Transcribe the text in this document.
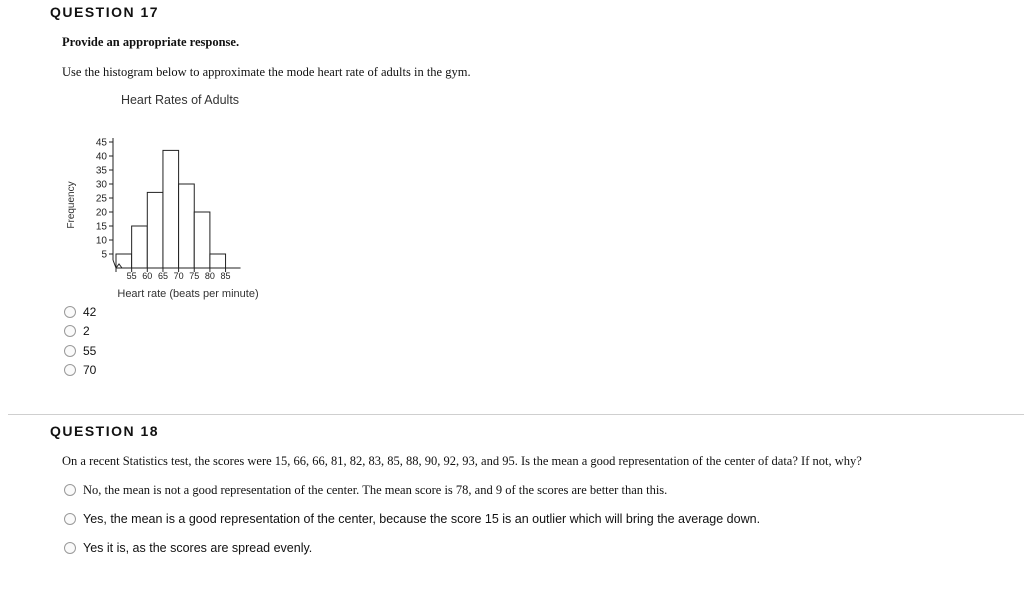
QUESTION 17
Provide an appropriate response.
Use the histogram below to approximate the mode heart rate of adults in the gym.
5
10
15
20
25
30
35
40
45
55 60 65 70 75 80 85
Heart Rates of Adults
Frequency
Heart rate (beats per minute)
42
2
55
70
QUESTION 18
On a recent Statistics test, the scores were 15, 66, 66, 81, 82, 83, 85, 88, 90, 92, 93, and 95. Is the mean a good representation of the center of data? If not, why?
No, the mean is not a good representation of the center. The mean score is 78, and 9 of the scores are better than this.
Yes, the mean is a good representation of the center, because the score 15 is an outlier which will bring the average down.
Yes it is, as the scores are spread evenly.
